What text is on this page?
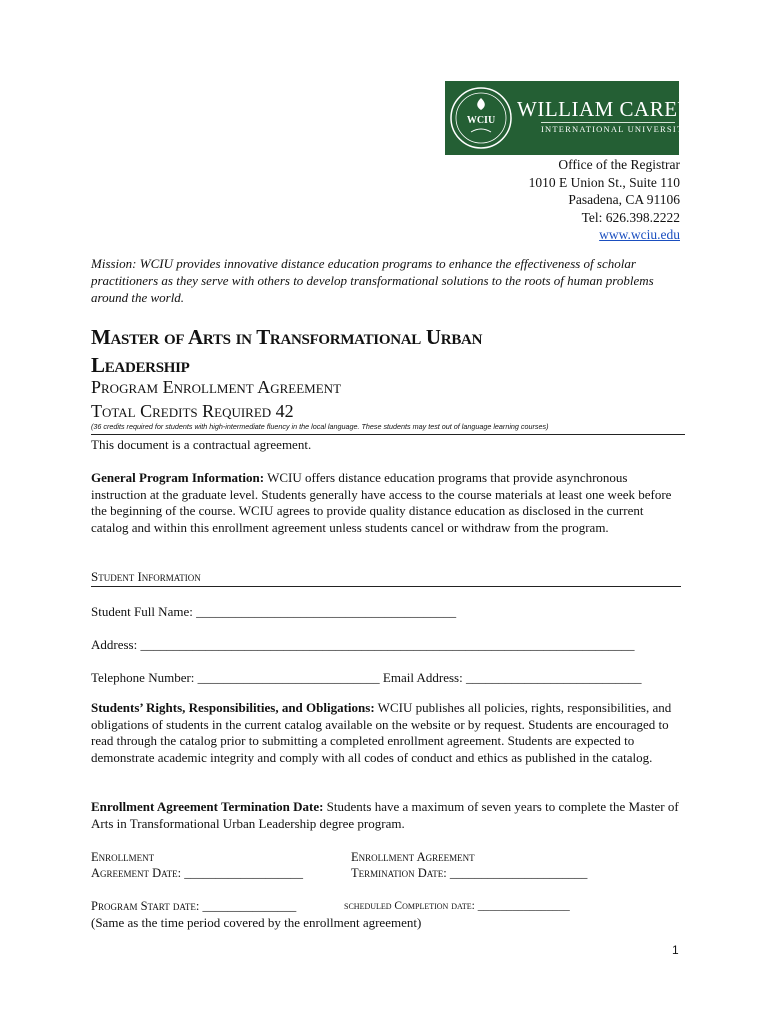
WCIU WILLIAM CAREY
INTERNATIONAL UNIVERSITY
Office of the Registrar
1010 E Union St., Suite 110
Pasadena, CA 91106
Tel: 626.398.2222
www.wciu.edu
Mission: WCIU provides innovative distance education programs to enhance the effectiveness of scholar practitioners as they serve with others to develop transformational solutions to the roots of human problems around the world.
Master of Arts in Transformational Urban
Leadership
Program Enrollment Agreement
Total Credits Required 42
(36 credits required for students with high-intermediate fluency in the local language. These students may test out of language learning courses)
This document is a contractual agreement.
General Program Information: WCIU offers distance education programs that provide asynchronous instruction at the graduate level. Students generally have access to the course materials at least one week before the beginning of the course. WCIU agrees to provide quality distance education as disclosed in the current catalog and within this enrollment agreement unless students cancel or withdraw from the program.
Student Information
Student Full Name: ________________________________________
Address: ____________________________________________________________________________
Telephone Number: ____________________________ Email Address: ___________________________
Students’ Rights, Responsibilities, and Obligations: WCIU publishes all policies, rights, responsibilities, and obligations of students in the current catalog available on the website or by request. Students are encouraged to read through the catalog prior to submitting a completed enrollment agreement. Students are expected to demonstrate academic integrity and comply with all codes of conduct and ethics as published in the catalog.
Enrollment Agreement Termination Date: Students have a maximum of seven years to complete the Master of Arts in Transformational Urban Leadership degree program.
Enrollment
Agreement Date: ___________________
Enrollment Agreement
Termination Date: ______________________
Program Start date: _______________	scheduled Completion date: ________________
(Same as the time period covered by the enrollment agreement)
1
